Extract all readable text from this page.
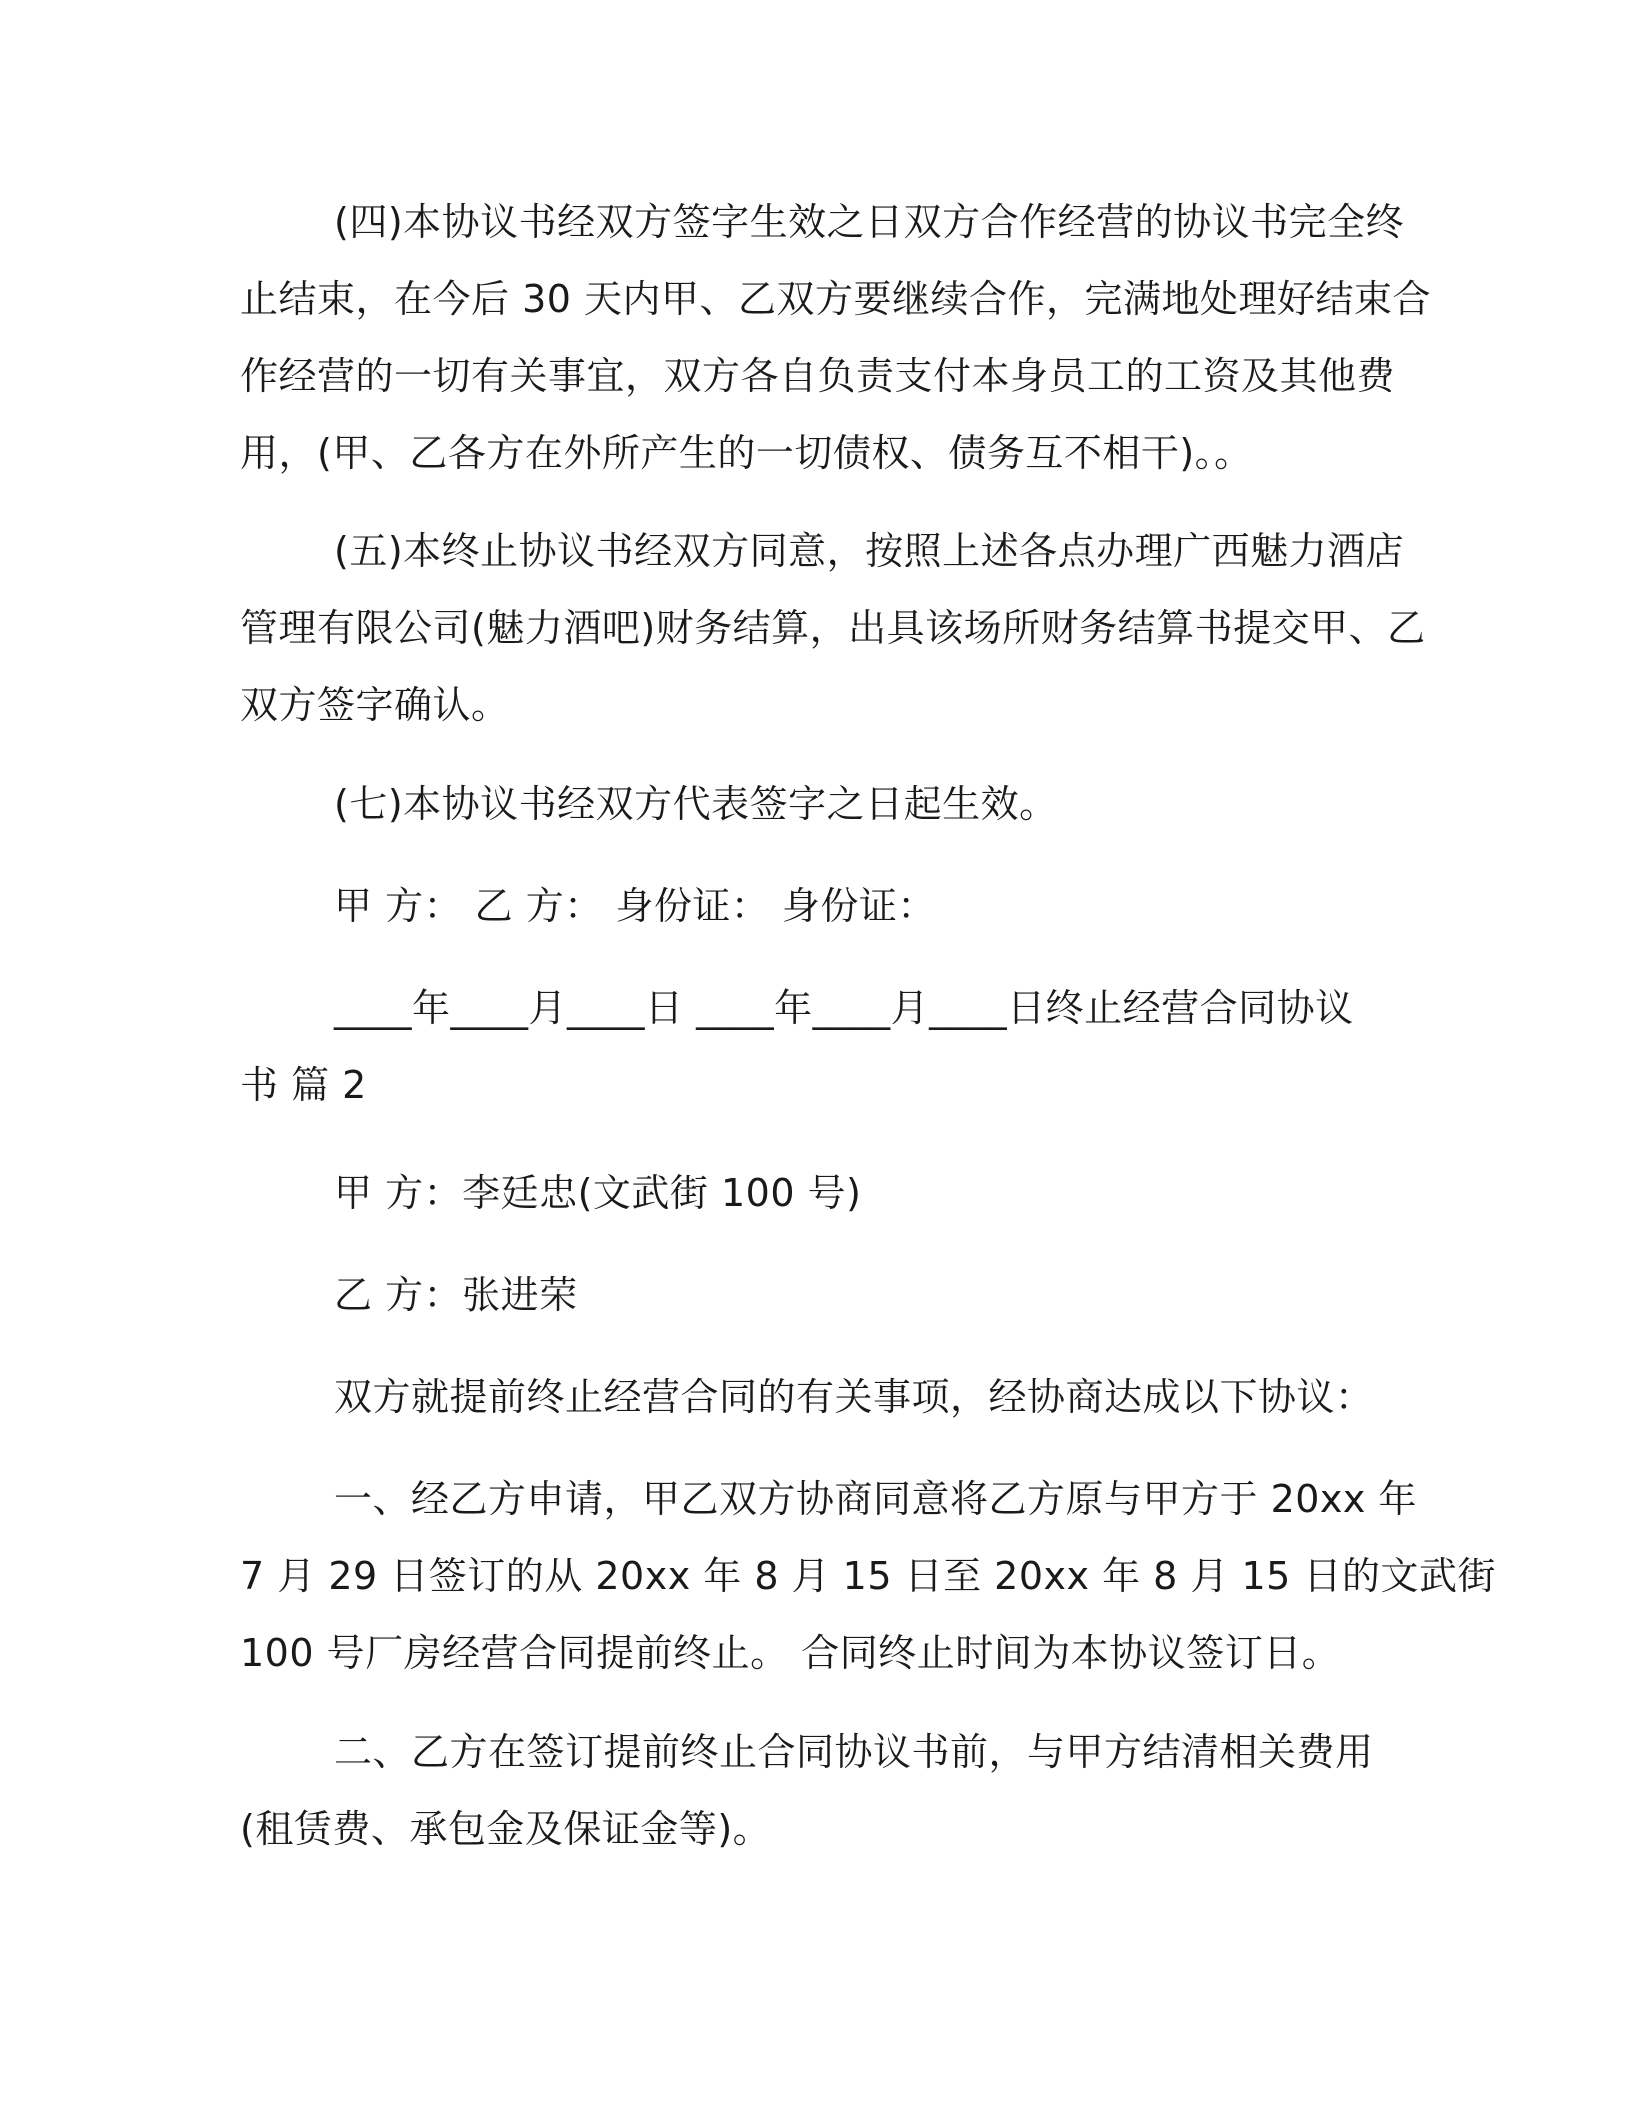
(四)本协议书经双方签字生效之日双方合作经营的协议书完全终
止结束，在今后 30 天内甲、乙双方要继续合作，完满地处理好结束合
作经营的一切有关事宜，双方各自负责支付本身员工的工资及其他费
用，(甲、乙各方在外所产生的一切债权、债务互不相干)。。

(五)本终止协议书经双方同意，按照上述各点办理广西魅力酒店
管理有限公司(魅力酒吧)财务结算，出具该场所财务结算书提交甲、乙
双方签字确认。

(七)本协议书经双方代表签字之日起生效。

甲 方： 乙 方： 身份证： 身份证：

____年____月____日 ____年____月____日终止经营合同协议
书 篇 2

甲 方：李廷忠(文武街 100 号)

乙 方：张进荣

双方就提前终止经营合同的有关事项，经协商达成以下协议：

一、经乙方申请，甲乙双方协商同意将乙方原与甲方于 20xx 年
7 月 29 日签订的从 20xx 年 8 月 15 日至 20xx 年 8 月 15 日的文武街
100 号厂房经营合同提前终止。 合同终止时间为本协议签订日。

二、乙方在签订提前终止合同协议书前，与甲方结清相关费用
(租赁费、承包金及保证金等)。
